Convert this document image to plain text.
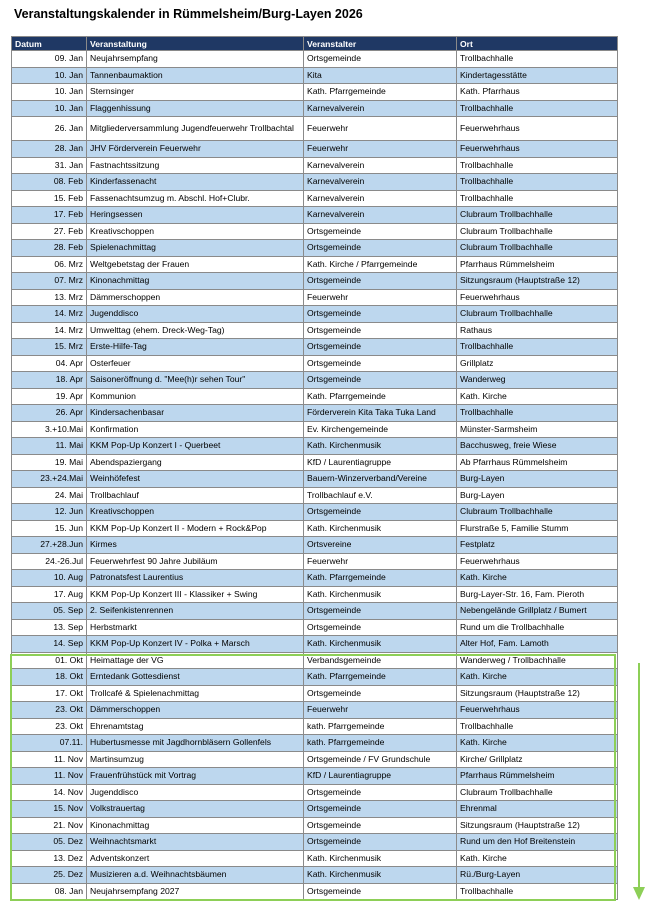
Veranstaltungskalender in Rümmelsheim/Burg-Layen 2026
Datum	Veranstaltung	Veranstalter	Ort
09. Jan	Neujahrsempfang	Ortsgemeinde	Trollbachhalle
10. Jan	Tannenbaumaktion	Kita	Kindertagesstätte
10. Jan	Sternsinger	Kath. Pfarrgemeinde	Kath. Pfarrhaus
10. Jan	Flaggenhissung	Karnevalverein	Trollbachhalle
26. Jan	Mitgliederversammlung Jugendfeuerwehr Trollbachtal	Feuerwehr	Feuerwehrhaus
28. Jan	JHV Förderverein Feuerwehr	Feuerwehr	Feuerwehrhaus
31. Jan	Fastnachtssitzung	Karnevalverein	Trollbachhalle
08. Feb	Kinderfassenacht	Karnevalverein	Trollbachhalle
15. Feb	Fassenachtsumzug m. Abschl. Hof+Clubr.	Karnevalverein	Trollbachhalle
17. Feb	Heringsessen	Karnevalverein	Clubraum Trollbachhalle
27. Feb	Kreativschoppen	Ortsgemeinde	Clubraum Trollbachhalle
28. Feb	Spielenachmittag	Ortsgemeinde	Clubraum Trollbachhalle
06. Mrz	Weltgebetstag der Frauen	Kath. Kirche / Pfarrgemeinde	Pfarrhaus Rümmelsheim
07. Mrz	Kinonachmittag	Ortsgemeinde	Sitzungsraum (Hauptstraße 12)
13. Mrz	Dämmerschoppen	Feuerwehr	Feuerwehrhaus
14. Mrz	Jugenddisco	Ortsgemeinde	Clubraum Trollbachhalle
14. Mrz	Umwelttag (ehem. Dreck-Weg-Tag)	Ortsgemeinde	Rathaus
15. Mrz	Erste-Hilfe-Tag	Ortsgemeinde	Trollbachhalle
04. Apr	Osterfeuer	Ortsgemeinde	Grillplatz
18. Apr	Saisoneröffnung d. "Mee(h)r sehen Tour"	Ortsgemeinde	Wanderweg
19. Apr	Kommunion	Kath. Pfarrgemeinde	Kath. Kirche
26. Apr	Kindersachenbasar	Förderverein Kita Taka Tuka Land	Trollbachhalle
3.+10.Mai	Konfirmation	Ev. Kirchengemeinde	Münster-Sarmsheim
11. Mai	KKM Pop-Up Konzert I - Querbeet	Kath. Kirchenmusik	Bacchusweg, freie Wiese
19. Mai	Abendspaziergang	KfD / Laurentiagruppe	Ab Pfarrhaus Rümmelsheim
23.+24.Mai	Weinhöfefest	Bauern-Winzerverband/Vereine	Burg-Layen
24. Mai	Trollbachlauf	Trollbachlauf e.V.	Burg-Layen
12. Jun	Kreativschoppen	Ortsgemeinde	Clubraum Trollbachhalle
15. Jun	KKM Pop-Up Konzert II - Modern + Rock&Pop	Kath. Kirchenmusik	Flurstraße 5, Familie Stumm
27.+28.Jun	Kirmes	Ortsvereine	Festplatz
24.-26.Jul	Feuerwehrfest 90 Jahre Jubiläum	Feuerwehr	Feuerwehrhaus
10. Aug	Patronatsfest Laurentius	Kath. Pfarrgemeinde	Kath. Kirche
17. Aug	KKM Pop-Up Konzert III - Klassiker + Swing	Kath. Kirchenmusik	Burg-Layer-Str. 16, Fam. Pieroth
05. Sep	2. Seifenkistenrennen	Ortsgemeinde	Nebengelände Grillplatz / Bumert
13. Sep	Herbstmarkt	Ortsgemeinde	Rund um die Trollbachhalle
14. Sep	KKM Pop-Up Konzert IV - Polka + Marsch	Kath. Kirchenmusik	Alter Hof, Fam. Lamoth
01. Okt	Heimattage der VG	Verbandsgemeinde	Wanderweg / Trollbachhalle
18. Okt	Erntedank Gottesdienst	Kath. Pfarrgemeinde	Kath. Kirche
17. Okt	Trollcafé & Spielenachmittag	Ortsgemeinde	Sitzungsraum (Hauptstraße 12)
23. Okt	Dämmerschoppen	Feuerwehr	Feuerwehrhaus
23. Okt	Ehrenamtstag	kath. Pfarrgemeinde	Trollbachhalle
07.11.	Hubertusmesse mit Jagdhornbläsern Gollenfels	kath. Pfarrgemeinde	Kath. Kirche
11. Nov	Martinsumzug	Ortsgemeinde / FV Grundschule	Kirche/ Grillplatz
11. Nov	Frauenfrühstück mit Vortrag	KfD / Laurentiagruppe	Pfarrhaus Rümmelsheim
14. Nov	Jugenddisco	Ortsgemeinde	Clubraum Trollbachhalle
15. Nov	Volkstrauertag	Ortsgemeinde	Ehrenmal
21. Nov	Kinonachmittag	Ortsgemeinde	Sitzungsraum (Hauptstraße 12)
05. Dez	Weihnachtsmarkt	Ortsgemeinde	Rund um den Hof Breitenstein
13. Dez	Adventskonzert	Kath. Kirchenmusik	Kath. Kirche
25. Dez	Musizieren a.d. Weihnachtsbäumen	Kath. Kirchenmusik	Rü./Burg-Layen
08. Jan	Neujahrsempfang 2027	Ortsgemeinde	Trollbachhalle
